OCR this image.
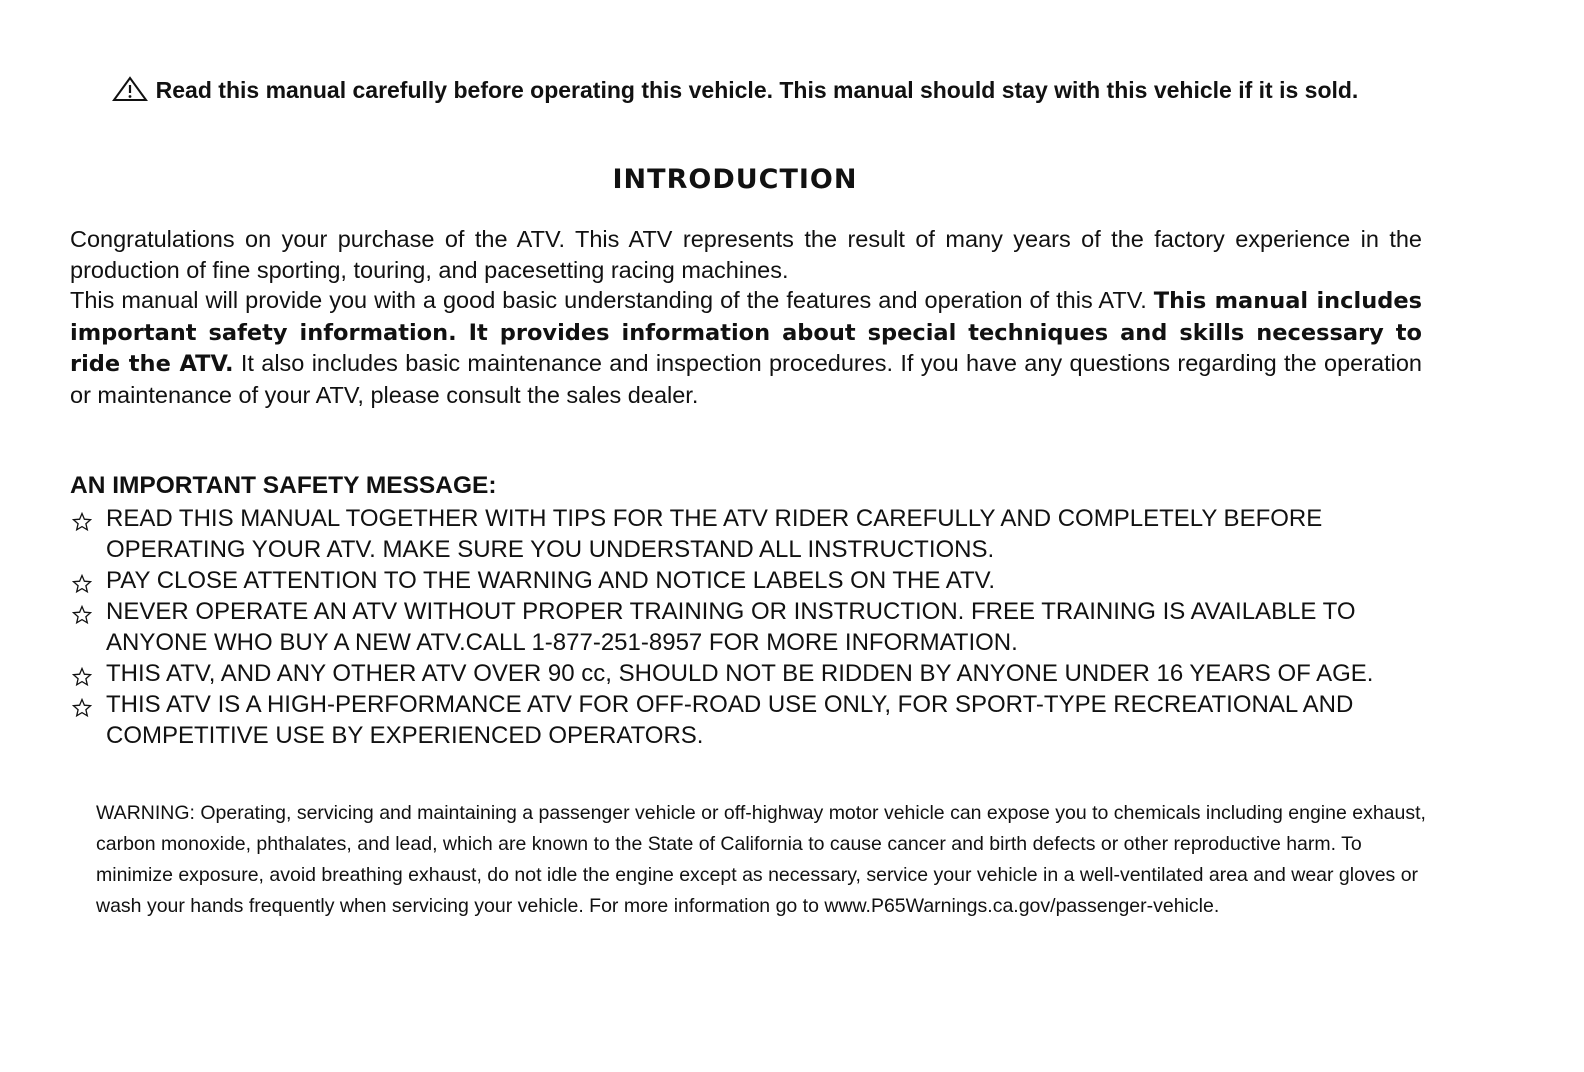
Read this manual carefully before operating this vehicle. This manual should stay with this vehicle if it is sold.
INTRODUCTION

Congratulations on your purchase of the ATV. This ATV represents the result of many years of the factory experience in the production of fine sporting, touring, and pacesetting racing machines.

This manual will provide you with a good basic understanding of the features and operation of this ATV. This manual includes important safety information. It provides information about special techniques and skills necessary to ride the ATV. It also includes basic maintenance and inspection procedures. If you have any questions regarding the operation or maintenance of your ATV, please consult the sales dealer.

AN IMPORTANT SAFETY MESSAGE:
READ THIS MANUAL TOGETHER WITH TIPS FOR THE ATV RIDER CAREFULLY AND COMPLETELY BEFORE OPERATING YOUR ATV. MAKE SURE YOU UNDERSTAND ALL INSTRUCTIONS.
PAY CLOSE ATTENTION TO THE WARNING AND NOTICE LABELS ON THE ATV.
NEVER OPERATE AN ATV WITHOUT PROPER TRAINING OR INSTRUCTION. FREE TRAINING IS AVAILABLE TO ANYONE WHO BUY A NEW ATV.CALL 1-877-251-8957 FOR MORE INFORMATION.
THIS ATV, AND ANY OTHER ATV OVER 90 cc, SHOULD NOT BE RIDDEN BY ANYONE UNDER 16 YEARS OF AGE.
THIS ATV IS A HIGH-PERFORMANCE ATV FOR OFF-ROAD USE ONLY, FOR SPORT-TYPE RECREATIONAL AND COMPETITIVE USE BY EXPERIENCED OPERATORS.

WARNING: Operating, servicing and maintaining a passenger vehicle or off-highway motor vehicle can expose you to chemicals including engine exhaust, carbon monoxide, phthalates, and lead, which are known to the State of California to cause cancer and birth defects or other reproductive harm. To minimize exposure, avoid breathing exhaust, do not idle the engine except as necessary, service your vehicle in a well-ventilated area and wear gloves or wash your hands frequently when servicing your vehicle. For more information go to www.P65Warnings.ca.gov/passenger-vehicle.
